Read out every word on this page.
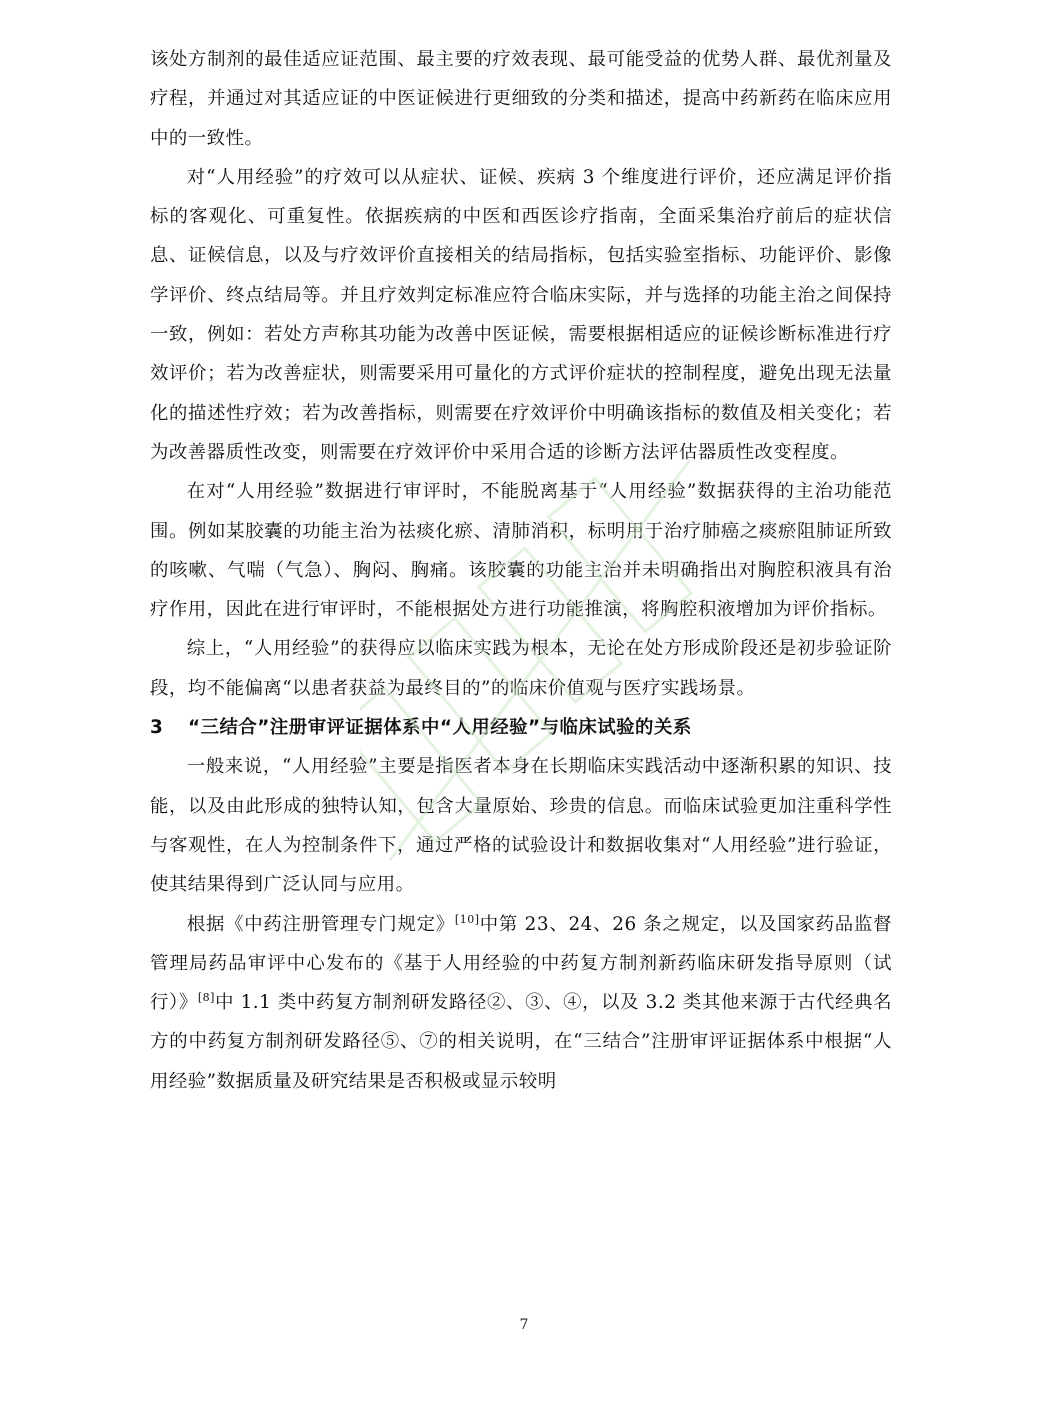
该处方制剂的最佳适应证范围、最主要的疗效表现、最可能受益的优势人群、最优剂量及疗程，并通过对其适应证的中医证候进行更细致的分类和描述，提高中药新药在临床应用中的一致性。

对“人用经验”的疗效可以从症状、证候、疾病 3 个维度进行评价，还应满足评价指标的客观化、可重复性。依据疾病的中医和西医诊疗指南，全面采集治疗前后的症状信息、证候信息，以及与疗效评价直接相关的结局指标，包括实验室指标、功能评价、影像学评价、终点结局等。并且疗效判定标准应符合临床实际，并与选择的功能主治之间保持一致，例如：若处方声称其功能为改善中医证候，需要根据相适应的证候诊断标准进行疗效评价；若为改善症状，则需要采用可量化的方式评价症状的控制程度，避免出现无法量化的描述性疗效；若为改善指标，则需要在疗效评价中明确该指标的数值及相关变化；若为改善器质性改变，则需要在疗效评价中采用合适的诊断方法评估器质性改变程度。

在对“人用经验”数据进行审评时，不能脱离基于“人用经验”数据获得的主治功能范围。例如某胶囊的功能主治为祛痰化瘀、清肺消积，标明用于治疗肺癌之痰瘀阻肺证所致的咳嗽、气喘（气急）、胸闷、胸痛。该胶囊的功能主治并未明确指出对胸腔积液具有治疗作用，因此在进行审评时，不能根据处方进行功能推演，将胸腔积液增加为评价指标。

综上，“人用经验”的获得应以临床实践为根本，无论在处方形成阶段还是初步验证阶段，均不能偏离“以患者获益为最终目的”的临床价值观与医疗实践场景。

3 “三结合”注册审评证据体系中“人用经验”与临床试验的关系

一般来说，“人用经验”主要是指医者本身在长期临床实践活动中逐渐积累的知识、技能，以及由此形成的独特认知，包含大量原始、珍贵的信息。而临床试验更加注重科学性与客观性，在人为控制条件下，通过严格的试验设计和数据收集对“人用经验”进行验证，使其结果得到广泛认同与应用。

根据《中药注册管理专门规定》[10]中第 23、24、26 条之规定，以及国家药品监督管理局药品审评中心发布的《基于人用经验的中药复方制剂新药临床研发指导原则（试行）》[8]中 1.1 类中药复方制剂研发路径②、③、④，以及 3.2 类其他来源于古代经典名方的中药复方制剂研发路径⑤、⑦的相关说明，在“三结合”注册审评证据体系中根据“人用经验”数据质量及研究结果是否积极或显示较明

7
